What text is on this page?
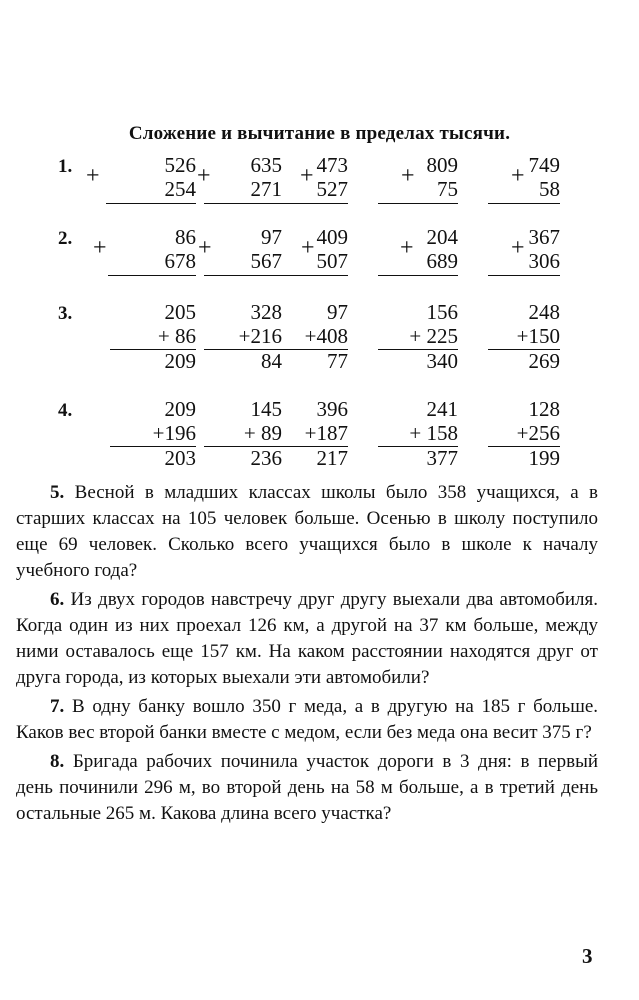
Сложение и вычитание в пределах тысячи.
1.	526
+	254
635
+ 271
473
+ 527
809
+ 75
749
+ 58
2.	86
+	678
97
+ 567
409
+ 507
204
+ 689
367
+ 306
3.	205
+ 86
209
328
+216
84
97
+408
77
156
+ 225
340
248
+150
269
4.	209
+196
203
145
+ 89
236
396
+187
217
241
+ 158
377
128
+256
199

5. Весной в младших классах школы было 358 учащихся, а в старших классах на 105 человек больше. Осенью в школу поступило еще 69 человек. Сколько всего учащихся было в школе к началу учебного года?

6. Из двух городов навстречу друг другу выехали два автомобиля. Когда один из них проехал 126 км, а другой на 37 км больше, между ними оставалось еще 157 км. На каком расстоянии находятся друг от друга города, из которых выехали эти автомобили?

7. В одну банку вошло 350 г меда, а в другую на 185 г больше. Каков вес второй банки вместе с медом, если без меда она весит 375 г?

8. Бригада рабочих починила участок дороги в 3 дня: в первый день починили 296 м, во второй день на 58 м больше, а в третий день остальные 265 м. Какова длина всего участка?

3
